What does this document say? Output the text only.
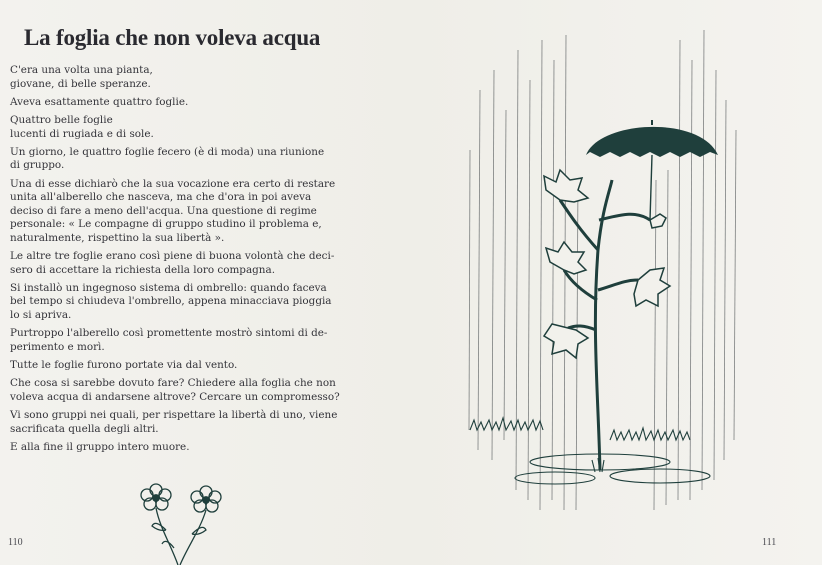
La foglia che non voleva acqua

C'era una volta una pianta,
giovane, di belle speranze.

Aveva esattamente quattro foglie.

Quattro belle foglie
lucenti di rugiada e di sole.

Un giorno, le quattro foglie fecero (è di moda) una riunione
di gruppo.

Una di esse dichiarò che la sua vocazione era certo di restare
unita all'alberello che nasceva, ma che d'ora in poi aveva
deciso di fare a meno dell'acqua. Una questione di regime
personale: « Le compagne di gruppo studino il problema e,
naturalmente, rispettino la sua libertà ».

Le altre tre foglie erano così piene di buona volontà che deci-
sero di accettare la richiesta della loro compagna.

Si installò un ingegnoso sistema di ombrello: quando faceva
bel tempo si chiudeva l'ombrello, appena minacciava pioggia
lo si apriva.

Purtroppo l'alberello così promettente mostrò sintomi di de-
perimento e morì.

Tutte le foglie furono portate via dal vento.

Che cosa si sarebbe dovuto fare? Chiedere alla foglia che non
voleva acqua di andarsene altrove? Cercare un compromesso?

Vi sono gruppi nei quali, per rispettare la libertà di uno, viene
sacrificata quella degli altri.

E alla fine il gruppo intero muore.

110	111
